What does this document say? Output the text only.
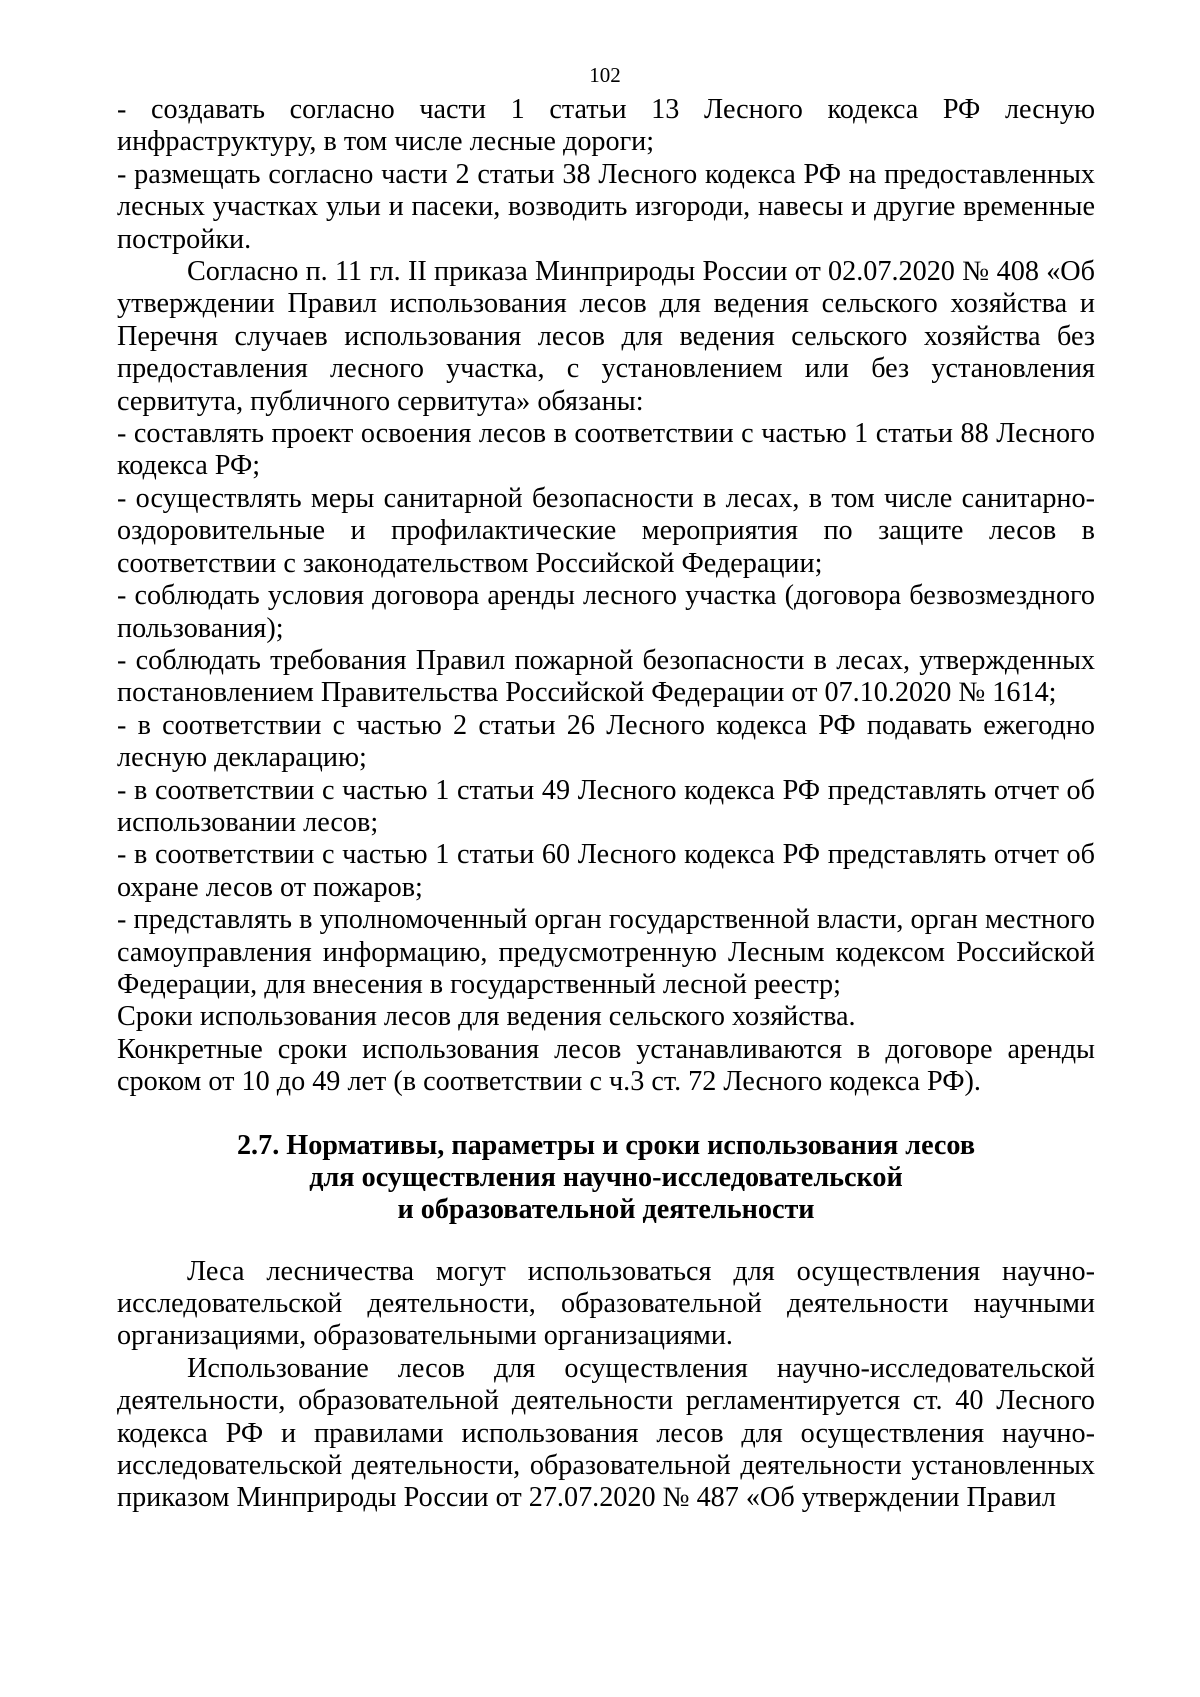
102

- создавать согласно части 1 статьи 13 Лесного кодекса РФ лесную инфраструктуру, в том числе лесные дороги;

- размещать согласно части 2 статьи 38 Лесного кодекса РФ на предоставленных лесных участках ульи и пасеки, возводить изгороди, навесы и другие временные постройки.

Согласно п. 11 гл. II приказа Минприроды России от 02.07.2020 № 408 «Об утверждении Правил использования лесов для ведения сельского хозяйства и Перечня случаев использования лесов для ведения сельского хозяйства без предоставления лесного участка, с установлением или без установления сервитута, публичного сервитута» обязаны:

- составлять проект освоения лесов в соответствии с частью 1 статьи 88 Лесного кодекса РФ;

- осуществлять меры санитарной безопасности в лесах, в том числе санитарно-оздоровительные и профилактические мероприятия по защите лесов в соответствии с законодательством Российской Федерации;

- соблюдать условия договора аренды лесного участка (договора безвозмездного пользования);

- соблюдать требования Правил пожарной безопасности в лесах, утвержденных постановлением Правительства Российской Федерации от 07.10.2020 № 1614;

- в соответствии с частью 2 статьи 26 Лесного кодекса РФ подавать ежегодно лесную декларацию;

- в соответствии с частью 1 статьи 49 Лесного кодекса РФ представлять отчет об использовании лесов;

- в соответствии с частью 1 статьи 60 Лесного кодекса РФ представлять отчет об охране лесов от пожаров;

- представлять в уполномоченный орган государственной власти, орган местного самоуправления информацию, предусмотренную Лесным кодексом Российской Федерации, для внесения в государственный лесной реестр;

Сроки использования лесов для ведения сельского хозяйства.

Конкретные сроки использования лесов устанавливаются в договоре аренды сроком от 10 до 49 лет (в соответствии с ч.3 ст. 72 Лесного кодекса РФ).

2.7. Нормативы, параметры и сроки использования лесов
для осуществления научно-исследовательской
и образовательной деятельности

Леса лесничества могут использоваться для осуществления научно-исследовательской деятельности, образовательной деятельности научными организациями, образовательными организациями.

Использование лесов для осуществления научно-исследовательской деятельности, образовательной деятельности регламентируется ст. 40 Лесного кодекса РФ и правилами использования лесов для осуществления научно-исследовательской деятельности, образовательной деятельности установленных приказом Минприроды России от 27.07.2020 № 487 «Об утверждении Правил
